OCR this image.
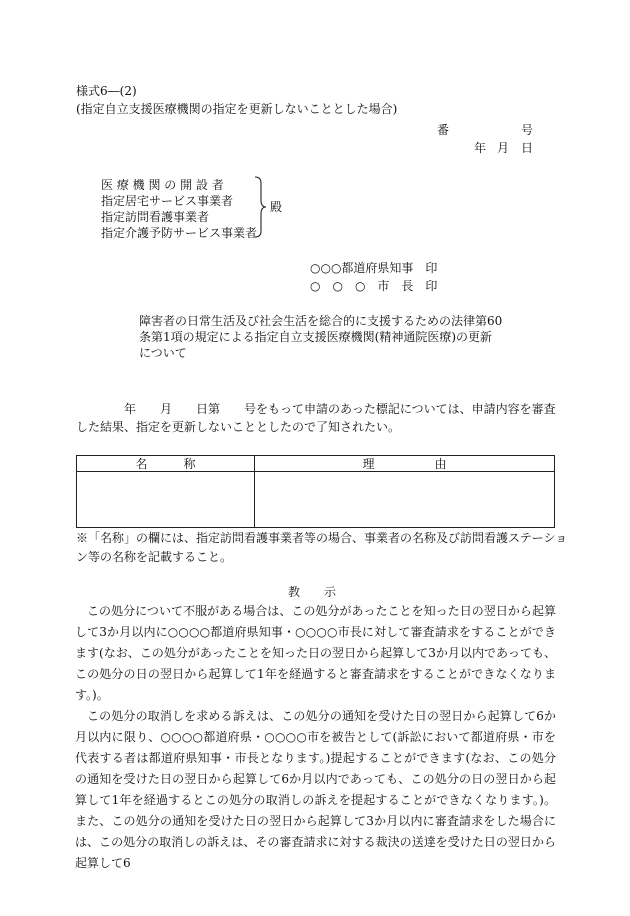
様式6―(2)
(指定自立支援医療機関の指定を更新しないこととした場合)
番	号
年 月 日
医 療 機 関 の 開 設 者
指定居宅サービス事業者
指定訪問看護事業者
指定介護予防サービス事業者
殿
○○○都道府県知事　印
○　○　○　市　長　印
障害者の日常生活及び社会生活を総合的に支援するための法律第60
条第1項の規定による指定自立支援医療機関(精神通院医療)の更新
について
年　　月　　日第　　号をもって申請のあった標記については、申請内容を審査
した結果、指定を更新しないこととしたので了知されたい。
名　　　称	理　　　　　由

※「名称」の欄には、指定訪問看護事業者等の場合、事業者の名称及び訪問看護ステーショ
ン等の名称を記載すること。
教　　示
この処分について不服がある場合は、この処分があったことを知った日の翌日から起算して3か月以内に○○○○都道府県知事・○○○○市長に対して審査請求をすることができます(なお、この処分があったことを知った日の翌日から起算して3か月以内であっても、この処分の日の翌日から起算して1年を経過すると審査請求をすることができなくなります。)。
この処分の取消しを求める訴えは、この処分の通知を受けた日の翌日から起算して6か月以内に限り、○○○○都道府県・○○○○市を被告として(訴訟において都道府県・市を代表する者は都道府県知事・市長となります。)提起することができます(なお、この処分の通知を受けた日の翌日から起算して6か月以内であっても、この処分の日の翌日から起算して1年を経過するとこの処分の取消しの訴えを提起することができなくなります。)。また、この処分の通知を受けた日の翌日から起算して3か月以内に審査請求をした場合には、この処分の取消しの訴えは、その審査請求に対する裁決の送達を受けた日の翌日から起算して6
